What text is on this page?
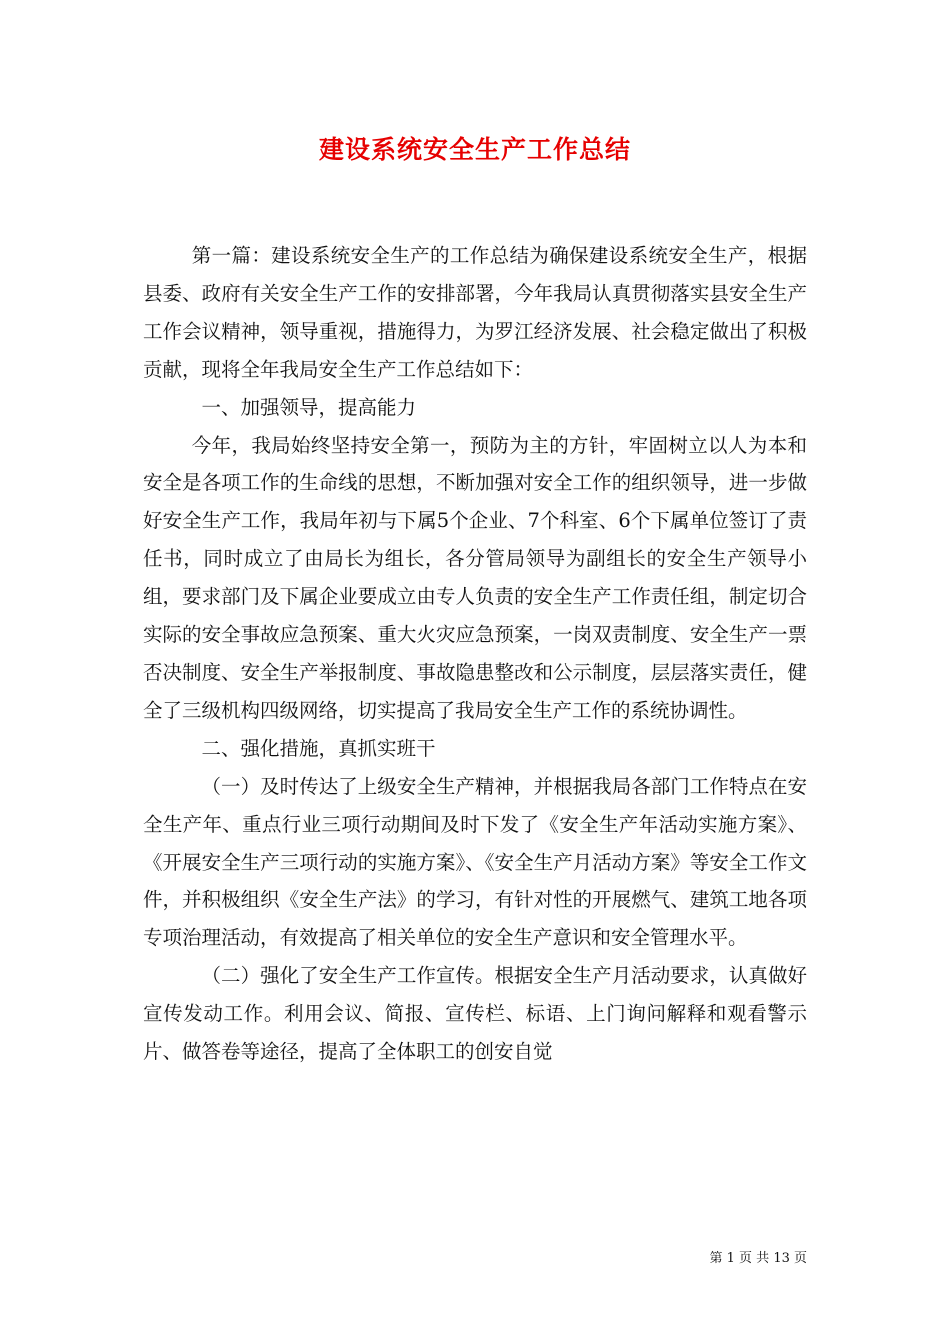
建设系统安全生产工作总结

第一篇：建设系统安全生产的工作总结为确保建设系统安全生产，根据县委、政府有关安全生产工作的安排部署，今年我局认真贯彻落实县安全生产工作会议精神，领导重视，措施得力，为罗江经济发展、社会稳定做出了积极贡献，现将全年我局安全生产工作总结如下：

一、加强领导，提高能力

今年，我局始终坚持安全第一，预防为主的方针，牢固树立以人为本和安全是各项工作的生命线的思想，不断加强对安全工作的组织领导，进一步做好安全生产工作，我局年初与下属5个企业、7个科室、6个下属单位签订了责任书，同时成立了由局长为组长，各分管局领导为副组长的安全生产领导小组，要求部门及下属企业要成立由专人负责的安全生产工作责任组，制定切合实际的安全事故应急预案、重大火灾应急预案，一岗双责制度、安全生产一票否决制度、安全生产举报制度、事故隐患整改和公示制度，层层落实责任，健全了三级机构四级网络，切实提高了我局安全生产工作的系统协调性。

二、强化措施，真抓实班干

（一）及时传达了上级安全生产精神，并根据我局各部门工作特点在安全生产年、重点行业三项行动期间及时下发了《安全生产年活动实施方案》、《开展安全生产三项行动的实施方案》、《安全生产月活动方案》等安全工作文件，并积极组织《安全生产法》的学习，有针对性的开展燃气、建筑工地各项专项治理活动，有效提高了相关单位的安全生产意识和安全管理水平。

（二）强化了安全生产工作宣传。根据安全生产月活动要求，认真做好宣传发动工作。利用会议、简报、宣传栏、标语、上门询问解释和观看警示片、做答卷等途径，提高了全体职工的创安自觉

第 1 页 共 13 页
